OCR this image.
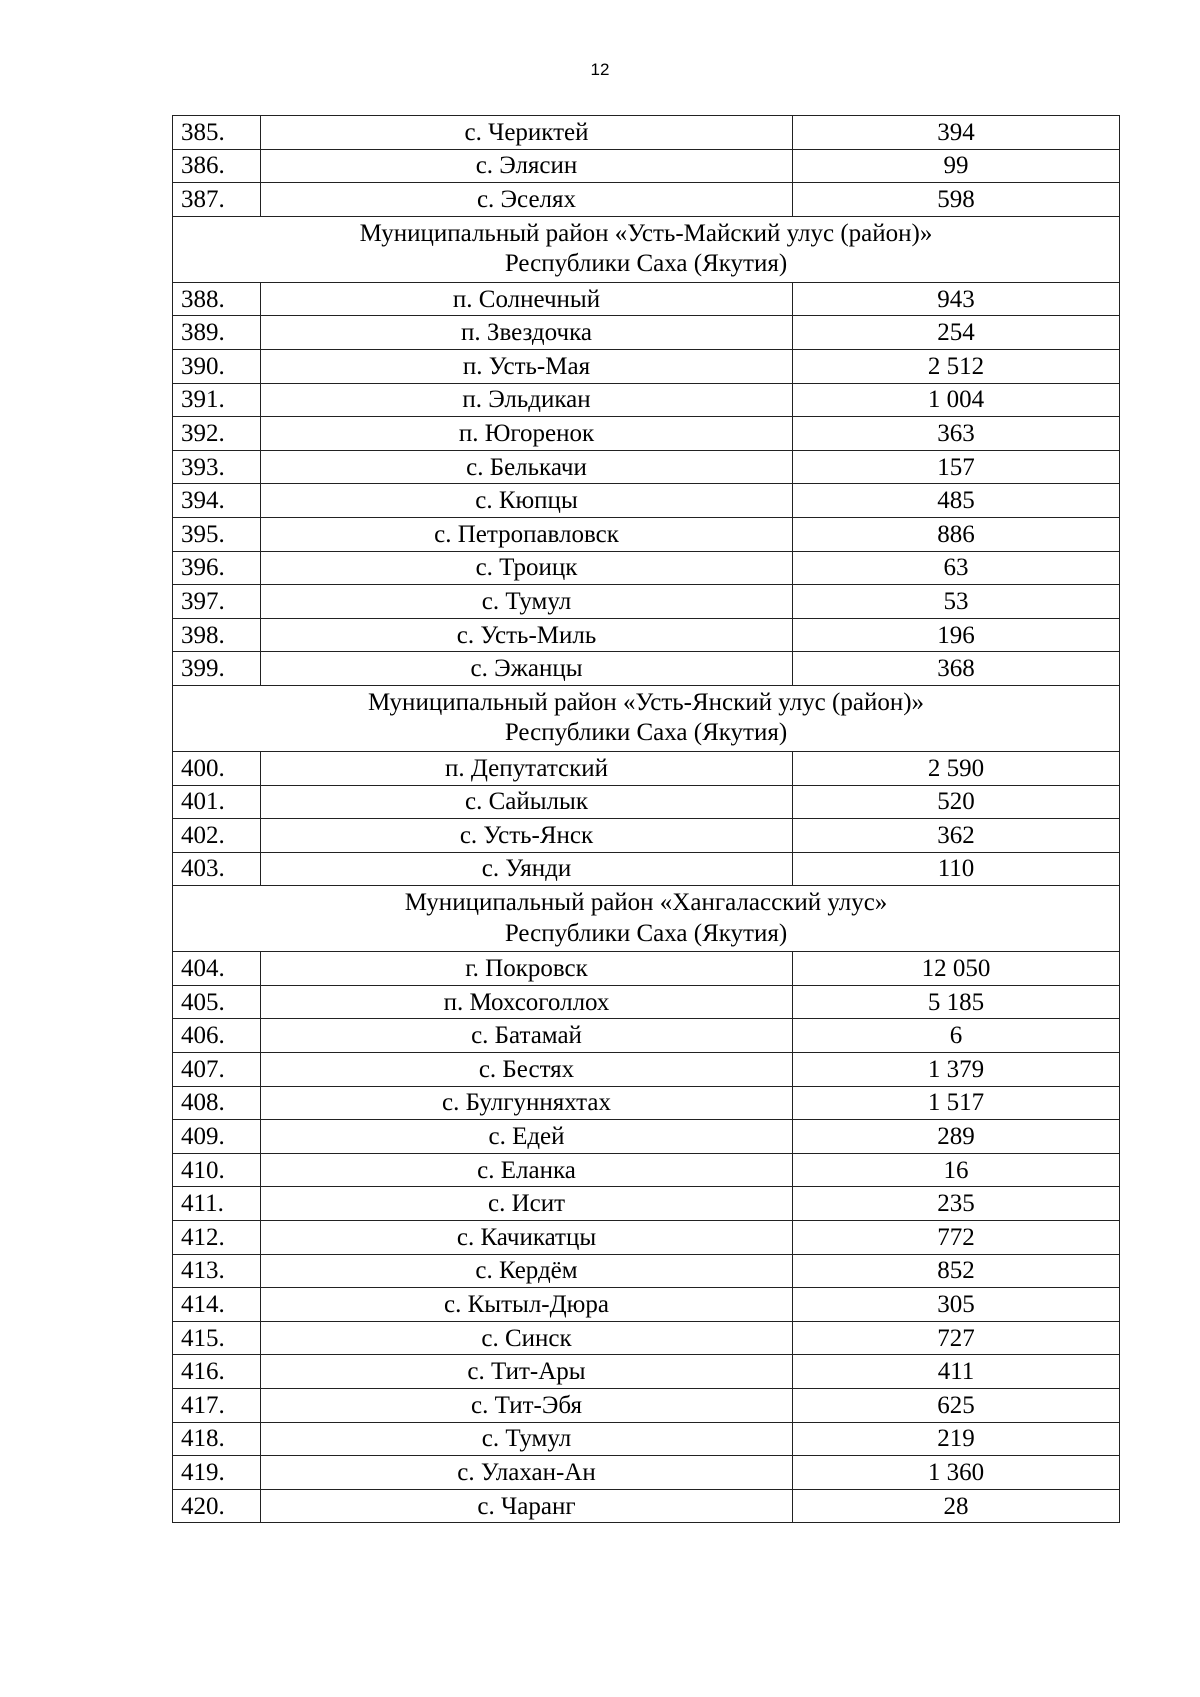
12
385.	с. Чериктей	394
386.	с. Элясин	99
387.	с. Эселях	598

Муниципальный район «Усть-Майский улус (район)»
Республики Саха (Якутия)		

388.	п. Солнечный	943
389.	п. Звездочка	254
390.	п. Усть-Мая	2 512
391.	п. Эльдикан	1 004
392.	п. Югоренок	363
393.	с. Белькачи	157
394.	с. Кюпцы	485
395.	с. Петропавловск	886
396.	с. Троицк	63
397.	с. Тумул	53
398.	с. Усть-Миль	196
399.	с. Эжанцы	368

Муниципальный район «Усть-Янский улус (район)»
Республики Саха (Якутия)		

400.	п. Депутатский	2 590
401.	с. Сайылык	520
402.	с. Усть-Янск	362
403.	с. Уянди	110

Муниципальный район «Хангаласский улус»
Республики Саха (Якутия)		

404.	г. Покровск	12 050
405.	п. Мохсоголлох	5 185
406.	с. Батамай	6
407.	с. Бестях	1 379
408.	с. Булгунняхтах	1 517
409.	с. Едей	289
410.	с. Еланка	16
411.	с. Исит	235
412.	с. Качикатцы	772
413.	с. Кердём	852
414.	с. Кытыл-Дюра	305
415.	с. Синск	727
416.	с. Тит-Ары	411
417.	с. Тит-Эбя	625
418.	с. Тумул	219
419.	с. Улахан-Ан	1 360
420.	с. Чаранг	28
